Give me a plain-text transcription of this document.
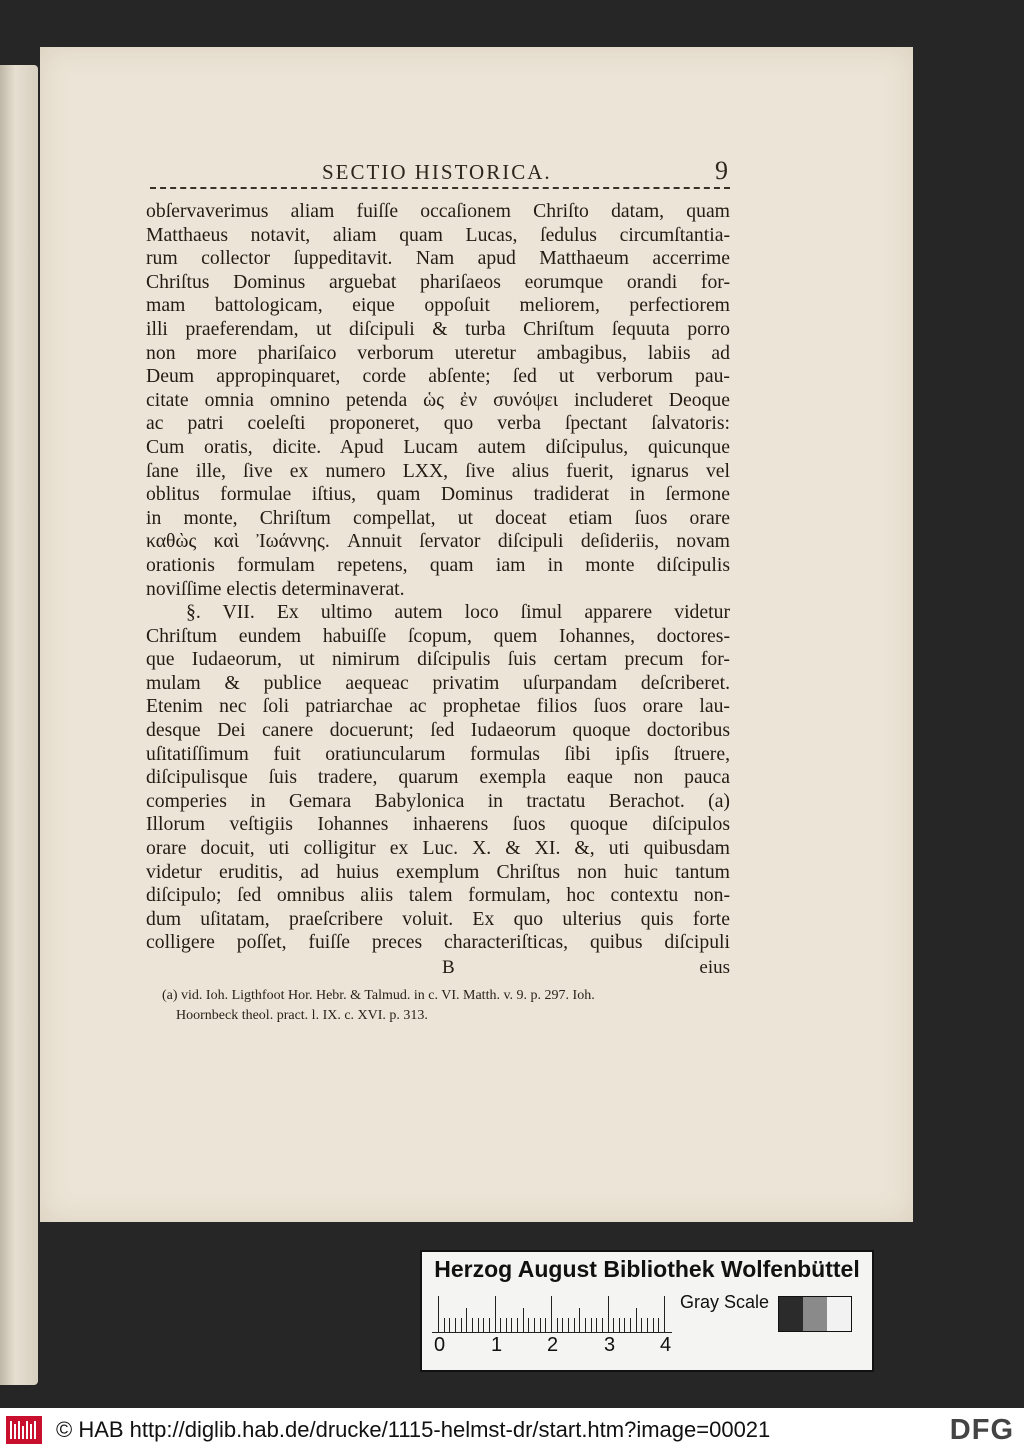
SECTIO HISTORICA.	9
obſervaverimus aliam fuiſſe occaſionem Chriſto datam, quam
Matthaeus notavit, aliam quam Lucas, ſedulus circumſtantia-
rum collector ſuppeditavit. Nam apud Matthaeum accerrime
Chriſtus Dominus arguebat phariſaeos eorumque orandi for-
mam battologicam, eique oppoſuit meliorem, perfectiorem
illi praeferendam, ut diſcipuli & turba Chriſtum ſequuta porro
non more phariſaico verborum uteretur ambagibus, labiis ad
Deum appropinquaret, corde abſente; ſed ut verborum pau-
citate omnia omnino petenda ὡς ἐν συνόψει includeret Deoque
ac patri coeleſti proponeret, quo verba ſpectant ſalvatoris:
Cum oratis, dicite. Apud Lucam autem diſcipulus, quicunque
ſane ille, ſive ex numero LXX, ſive alius fuerit, ignarus vel
oblitus formulae iſtius, quam Dominus tradiderat in ſermone
in monte, Chriſtum compellat, ut doceat etiam ſuos orare
καθὼς καὶ Ἰωάννης. Annuit ſervator diſcipuli deſideriis, novam
orationis formulam repetens, quam iam in monte diſcipulis
noviſſime electis determinaverat.
§. VII. Ex ultimo autem loco ſimul apparere videtur
Chriſtum eundem habuiſſe ſcopum, quem Iohannes, doctores-
que Iudaeorum, ut nimirum diſcipulis ſuis certam precum for-
mulam & publice aequeac privatim uſurpandam deſcriberet.
Etenim nec ſoli patriarchae ac prophetae filios ſuos orare lau-
desque Dei canere docuerunt; ſed Iudaeorum quoque doctoribus
uſitatiſſimum fuit oratiuncularum formulas ſibi ipſis ſtruere,
diſcipulisque ſuis tradere, quarum exempla eaque non pauca
comperies in Gemara Babylonica in tractatu Berachot. (a)
Illorum veſtigiis Iohannes inhaerens ſuos quoque diſcipulos
orare docuit, uti colligitur ex Luc. X. & XI. &, uti quibusdam
videtur eruditis, ad huius exemplum Chriſtus non huic tantum
diſcipulo; ſed omnibus aliis talem formulam, hoc contextu non-
dum uſitatam, praeſcribere voluit. Ex quo ulterius quis forte
colligere poſſet, fuiſſe preces characteriſticas, quibus diſcipuli
B	eius
(a) vid. Ioh. Ligthfoot Hor. Hebr. & Talmud. in c. VI. Matth. v. 9. p. 297. Ioh.
Hoornbeck theol. pract. l. IX. c. XVI. p. 313.
Herzog August Bibliothek Wolfenbüttel
0 1 2 3 4
Gray Scale
© HAB http://diglib.hab.de/drucke/1115-helmst-dr/start.htm?image=00021	DFG
